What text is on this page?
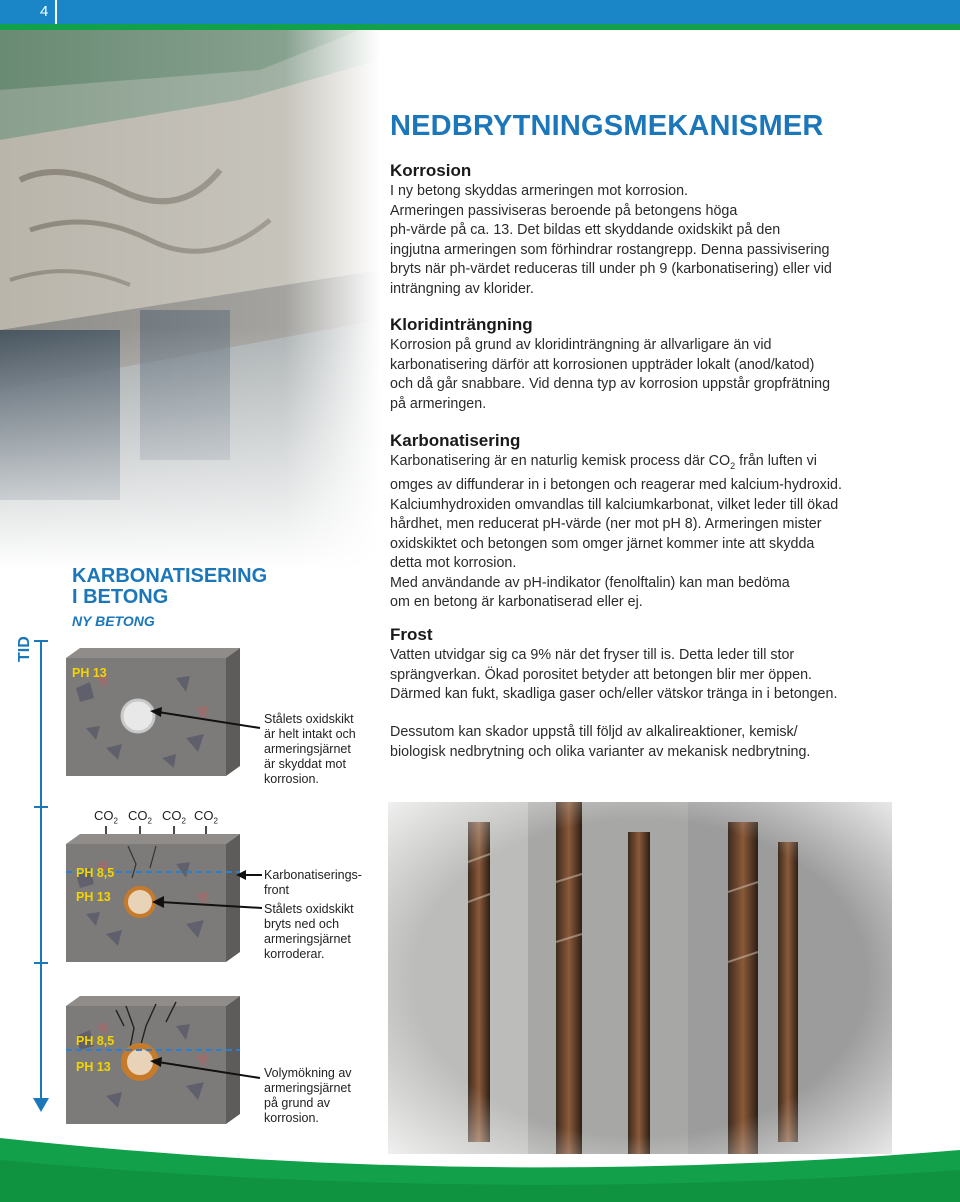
4
NEDBRYTNINGSMEKANISMER
Korrosion

I ny betong skyddas armeringen mot korrosion.

Armeringen passiviseras beroende på betongens höga

ph-värde på ca. 13. Det bildas ett skyddande oxidskikt på den

ingjutna armeringen som förhindrar rostangrepp. Denna passivisering

bryts när ph-värdet reduceras till under ph 9 (karbonatisering) eller vid

inträngning av klorider.

Kloridinträngning

Korrosion på grund av kloridinträngning är allvarligare än vid

karbonatisering därför att korrosionen uppträder lokalt (anod/katod)

och då går snabbare. Vid denna typ av korrosion uppstår gropfrätning

på armeringen.

Karbonatisering

Karbonatisering är en naturlig kemisk process där $CO_2$ från luften vi

omges av diffunderar in i betongen och reagerar med kalcium-hydroxid.

Kalciumhydroxiden omvandlas till kalciumkarbonat, vilket leder till ökad

hårdhet, men reducerat pH-värde (ner mot pH 8). Armeringen mister

oxidskiktet och betongen som omger järnet kommer inte att skydda

detta mot korrosion.

Med användande av pH-indikator (fenolftalin) kan man bedöma

om en betong är karbonatiserad eller ej.

Frost

Vatten utvidgar sig ca 9% när det fryser till is. Detta leder till stor

sprängverkan. Ökad porositet betyder att betongen blir mer öppen.

Därmed kan fukt, skadliga gaser och/eller vätskor tränga in i betongen.

Dessutom kan skador uppstå till följd av alkalireaktioner, kemisk/

biologisk nedbrytning och olika varianter av mekanisk nedbrytning.

KARBONATISERING
I BETONG
NY BETONG
TID
PH 13
Stålets oxidskikt
är helt intakt och
armeringsjärnet
är skyddat mot
korrosion.
$CO_2$ $CO_2$ $CO_2$ $CO_2$
PH 8,5
PH 13
Karbonatiserings-
front
Stålets oxidskikt
bryts ned och
armeringsjärnet
korroderar.
PH 8,5
PH 13	Volymökning av
armeringsjärnet
på grund av
korrosion.
